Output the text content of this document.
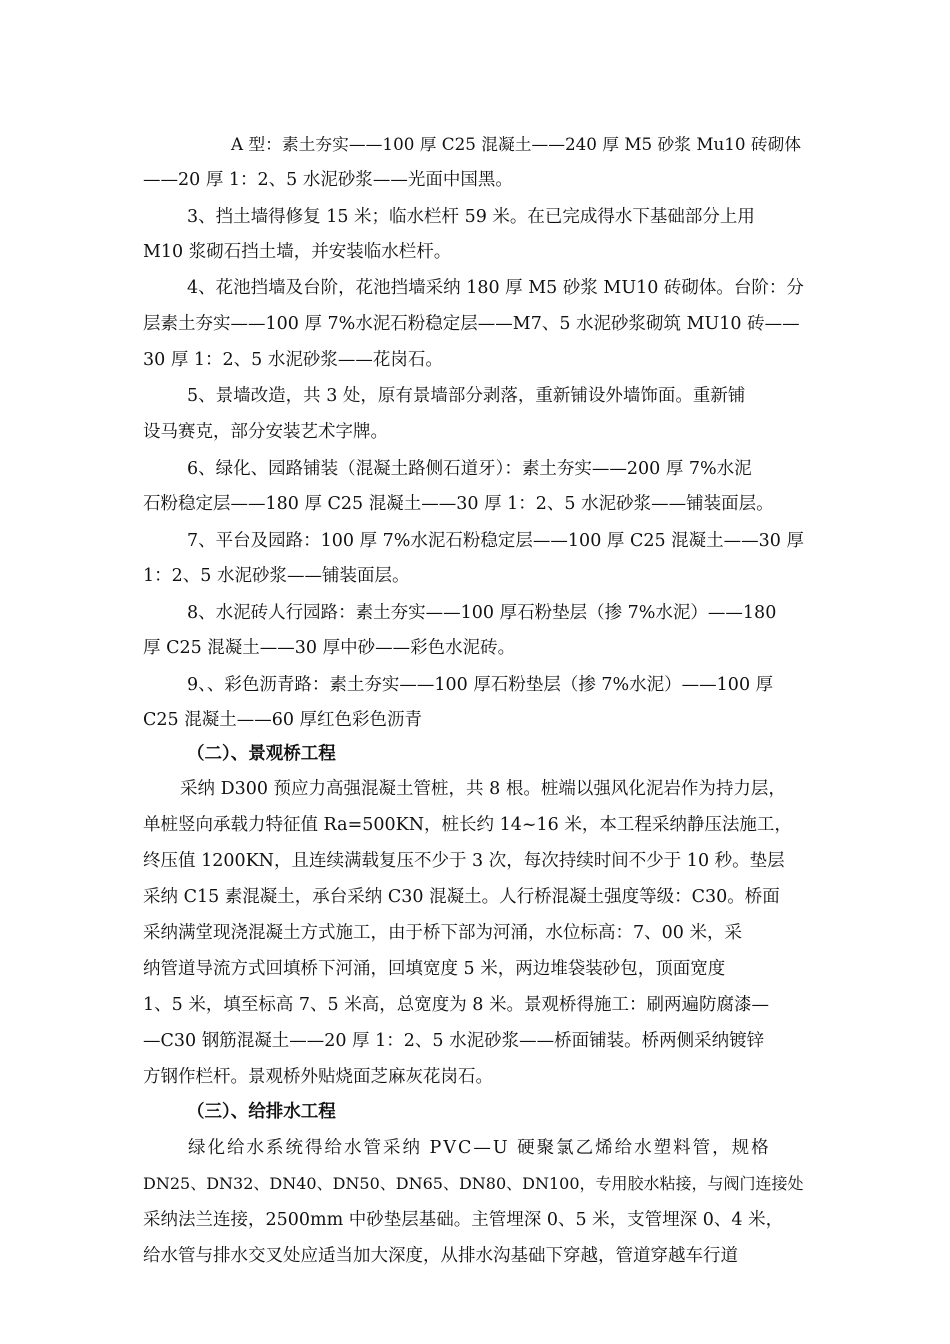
A 型：素土夯实——100 厚 C25 混凝土——240 厚 M5 砂浆 Mu10 砖砌体
——20 厚 1：2、5 水泥砂浆——光面中国黑。
3、挡土墙得修复 15 米；临水栏杆 59 米。在已完成得水下基础部分上用
M10 浆砌石挡土墙，并安装临水栏杆。
4、花池挡墙及台阶，花池挡墙采纳 180 厚 M5 砂浆 MU10 砖砌体。台阶：分
层素土夯实——100 厚 7%水泥石粉稳定层——M7、5 水泥砂浆砌筑 MU10 砖——
30 厚 1：2、5 水泥砂浆——花岗石。
5、景墙改造，共 3 处，原有景墙部分剥落，重新铺设外墙饰面。重新铺
设马赛克，部分安装艺术字牌。
6、绿化、园路铺装（混凝土路侧石道牙）：素土夯实——200 厚 7%水泥
石粉稳定层——180 厚 C25 混凝土——30 厚 1：2、5 水泥砂浆——铺装面层。
7、平台及园路：100 厚 7%水泥石粉稳定层——100 厚 C25 混凝土——30 厚
1：2、5 水泥砂浆——铺装面层。
8、水泥砖人行园路：素土夯实——100 厚石粉垫层（掺 7%水泥）——180
厚 C25 混凝土——30 厚中砂——彩色水泥砖。
9、、彩色沥青路：素土夯实——100 厚石粉垫层（掺 7%水泥）——100 厚
C25 混凝土——60 厚红色彩色沥青
（二）、景观桥工程
采纳 D300 预应力高强混凝土管桩，共 8 根。桩端以强风化泥岩作为持力层，
单桩竖向承载力特征值 Ra=500KN，桩长约 14~16 米，本工程采纳静压法施工，
终压值 1200KN，且连续满载复压不少于 3 次，每次持续时间不少于 10 秒。垫层
采纳 C15 素混凝土，承台采纳 C30 混凝土。人行桥混凝土强度等级：C30。桥面
采纳满堂现浇混凝土方式施工，由于桥下部为河涌，水位标高：7、00 米，采
纳管道导流方式回填桥下河涌，回填宽度 5 米，两边堆袋装砂包，顶面宽度
1、5 米，填至标高 7、5 米高，总宽度为 8 米。景观桥得施工：刷两遍防腐漆—
—C30 钢筋混凝土——20 厚 1：2、5 水泥砂浆——桥面铺装。桥两侧采纳镀锌
方钢作栏杆。景观桥外贴烧面芝麻灰花岗石。
（三）、给排水工程
绿化给水系统得给水管采纳 PVC—U 硬聚氯乙烯给水塑料管，规格
DN25、DN32、DN40、DN50、DN65、DN80、DN100，专用胶水粘接，与阀门连接处
采纳法兰连接，2500mm 中砂垫层基础。主管埋深 0、5 米，支管埋深 0、4 米，
给水管与排水交叉处应适当加大深度，从排水沟基础下穿越，管道穿越车行道
